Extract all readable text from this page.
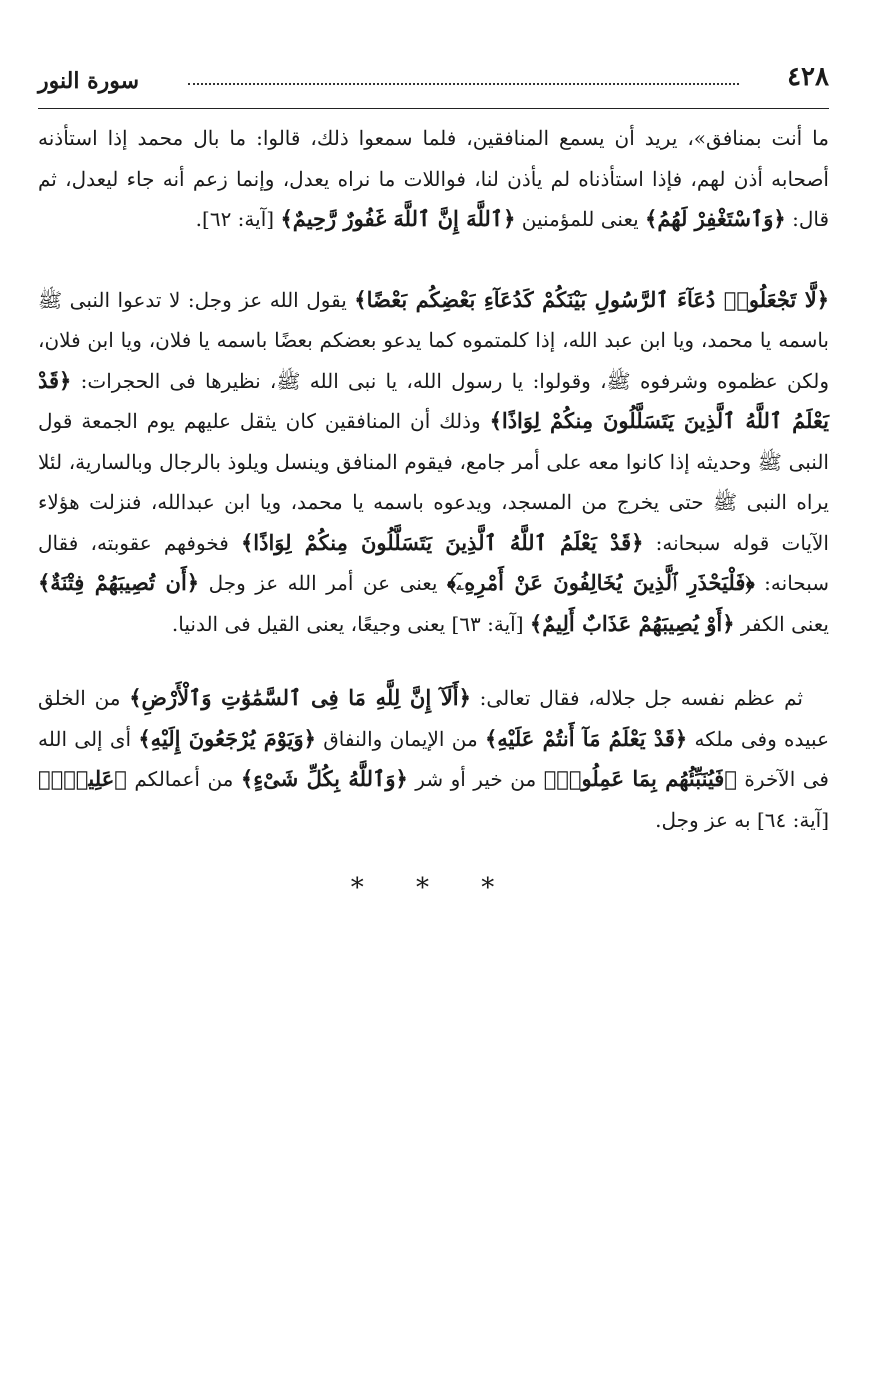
٤٢٨
سورة النور

ما أنت بمنافق»، يريد أن يسمع المنافقين، فلما سمعوا ذلك، قالوا: ما بال محمد إذا استأذنه أصحابه أذن لهم، فإذا استأذناه لم يأذن لنا، فواللات ما نراه يعدل، وإنما زعم أنه جاء ليعدل، ثم قال: ﴿وَٱسْتَغْفِرْ لَهُمُ﴾ يعنى للمؤمنين ﴿ٱللَّهَ إِنَّ ٱللَّهَ غَفُورٌ رَّحِيمٌ﴾ [آية: ٦٢].

﴿لَّا تَجْعَلُوا۟ دُعَآءَ ٱلرَّسُولِ بَيْنَكُمْ كَدُعَآءِ بَعْضِكُم بَعْضًا﴾ يقول الله عز وجل: لا تدعوا النبى ﷺ باسمه يا محمد، ويا ابن عبد الله، إذا كلمتموه كما يدعو بعضكم بعضًا باسمه يا فلان، ويا ابن فلان، ولكن عظموه وشرفوه ﷺ، وقولوا: يا رسول الله، يا نبى الله ﷺ، نظيرها فى الحجرات: ﴿قَدْ يَعْلَمُ ٱللَّهُ ٱلَّذِينَ يَتَسَلَّلُونَ مِنكُمْ لِوَاذًا﴾ وذلك أن المنافقين كان يثقل عليهم يوم الجمعة قول النبى ﷺ وحديثه إذا كانوا معه على أمر جامع، فيقوم المنافق وينسل ويلوذ بالرجال وبالسارية، لئلا يراه النبى ﷺ حتى يخرج من المسجد، ويدعوه باسمه يا محمد، ويا ابن عبدالله، فنزلت هؤلاء الآيات قوله سبحانه: ﴿قَدْ يَعْلَمُ ٱللَّهُ ٱلَّذِينَ يَتَسَلَّلُونَ مِنكُمْ لِوَاذًا﴾ فخوفهم عقوبته، فقال سبحانه: ﴿فَلْيَحْذَرِ ٱلَّذِينَ يُخَالِفُونَ عَنْ أَمْرِهِۦٓ﴾ يعنى عن أمر الله عز وجل ﴿أَن تُصِيبَهُمْ فِتْنَةٌ﴾ يعنى الكفر ﴿أَوْ يُصِيبَهُمْ عَذَابٌ أَلِيمٌ﴾ [آية: ٦٣] يعنى وجيعًا، يعنى القيل فى الدنيا.

ثم عظم نفسه جل جلاله، فقال تعالى: ﴿أَلَآ إِنَّ لِلَّهِ مَا فِى ٱلسَّمَٰوَٰتِ وَٱلْأَرْضِ﴾ من الخلق عبيده وفى ملكه ﴿قَدْ يَعْلَمُ مَآ أَنتُمْ عَلَيْهِ﴾ من الإيمان والنفاق ﴿وَيَوْمَ يُرْجَعُونَ إِلَيْهِ﴾ أى إلى الله فى الآخرة ﴿فَيُنَبِّئُهُم بِمَا عَمِلُوا۟﴾ من خير أو شر ﴿وَٱللَّهُ بِكُلِّ شَىْءٍ﴾ من أعمالكم ﴿عَلِيمٌۢ﴾ [آية: ٦٤] به عز وجل.

* * *
